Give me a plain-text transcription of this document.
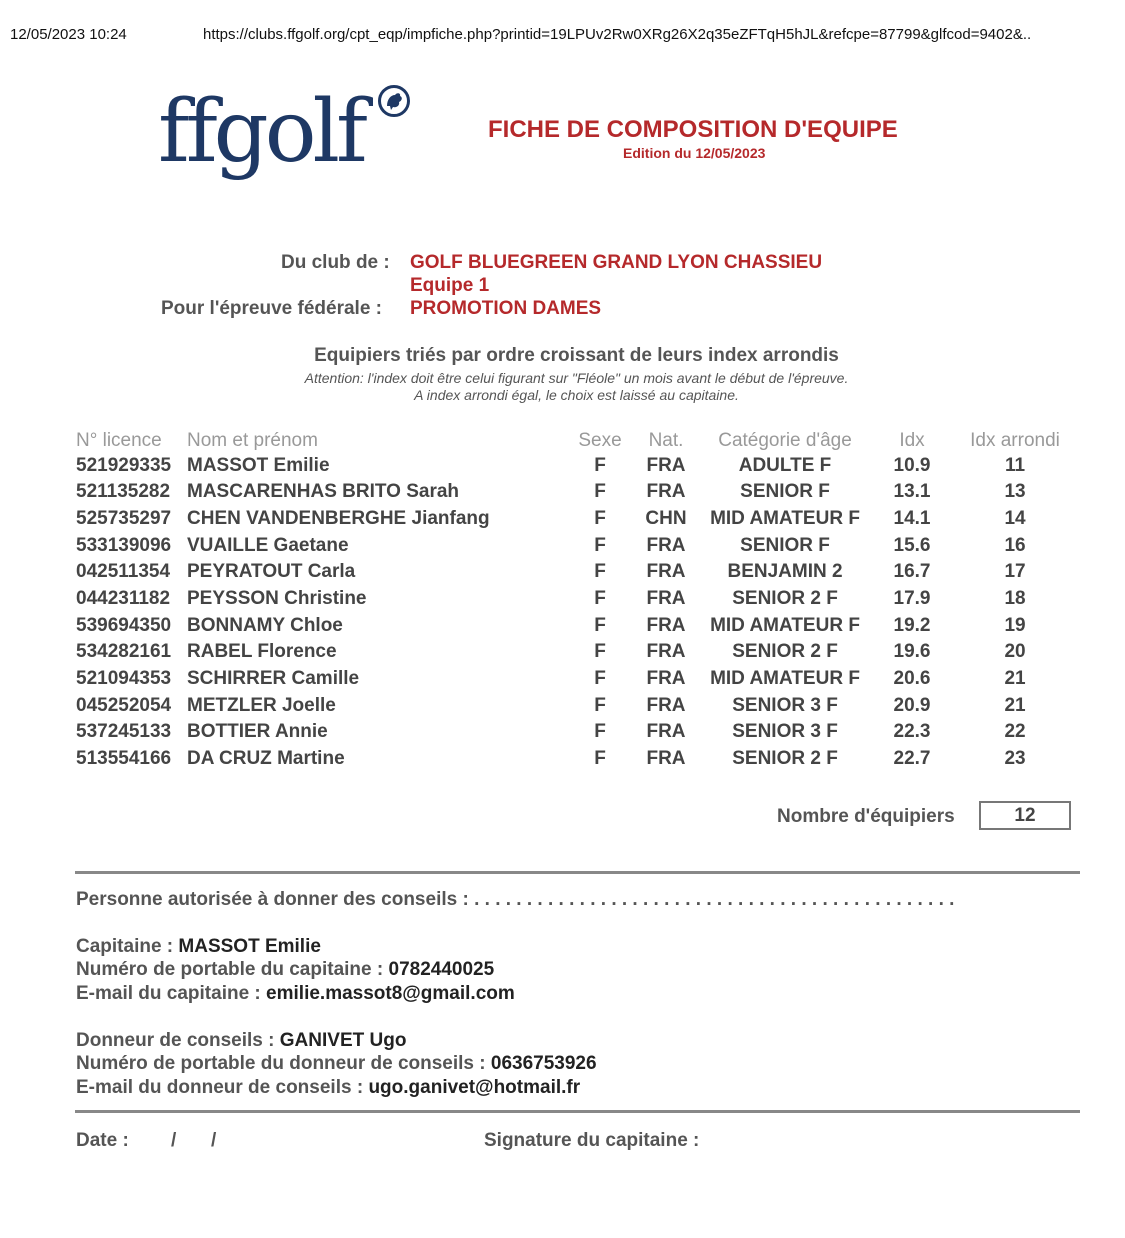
12/05/2023 10:24	https://clubs.ffgolf.org/cpt_eqp/impfiche.php?printid=19LPUv2Rw0XRg26X2q35eZFTqH5hJL&refcpe=87799&glfcod=9402&..
ffgolf	FICHE DE COMPOSITION D'EQUIPE
Edition du 12/05/2023
Du club de : GOLF BLUEGREEN GRAND LYON CHASSIEU
Equipe 1
Pour l'épreuve fédérale : PROMOTION DAMES
Equipiers triés par ordre croissant de leurs index arrondis
Attention: l'index doit être celui figurant sur "Fléole" un mois avant le début de l'épreuve.
A index arrondi égal, le choix est laissé au capitaine.
N° licence Nom et prénom	Sexe Nat. Catégorie d'âge	Idx Idx arrondi
521929335 MASSOT Emilie	F FRA	ADULTE F	10.9	11
521135282 MASCARENHAS BRITO Sarah	F FRA	SENIOR F	13.1	13
525735297 CHEN VANDENBERGHE Jianfang	F CHN MID AMATEUR F 14.1	14
533139096 VUAILLE Gaetane	F FRA	SENIOR F	15.6	16
042511354 PEYRATOUT Carla	F FRA BENJAMIN 2	16.7	17
044231182 PEYSSON Christine	F FRA SENIOR 2 F	17.9	18
539694350 BONNAMY Chloe	F FRA MID AMATEUR F 19.2	19
534282161 RABEL Florence	F FRA SENIOR 2 F	19.6	20
521094353 SCHIRRER Camille	F FRA MID AMATEUR F 20.6	21
045252054 METZLER Joelle	F FRA SENIOR 3 F	20.9	21
537245133 BOTTIER Annie	F FRA SENIOR 3 F	22.3	22
513554166 DA CRUZ Martine	F FRA SENIOR 2 F	22.7	23
Nombre d'équipiers	12
Personne autorisée à donner des conseils : . . . . . . . . . . . . . . . . . . . . . . . . . . . . . . . . . . . . . . . . . . . . . .
Capitaine : MASSOT Emilie
Numéro de portable du capitaine : 0782440025
E-mail du capitaine : emilie.massot8@gmail.com
Donneur de conseils : GANIVET Ugo
Numéro de portable du donneur de conseils : 0636753926
E-mail du donneur de conseils : ugo.ganivet@hotmail.fr
Date : / /	Signature du capitaine :
